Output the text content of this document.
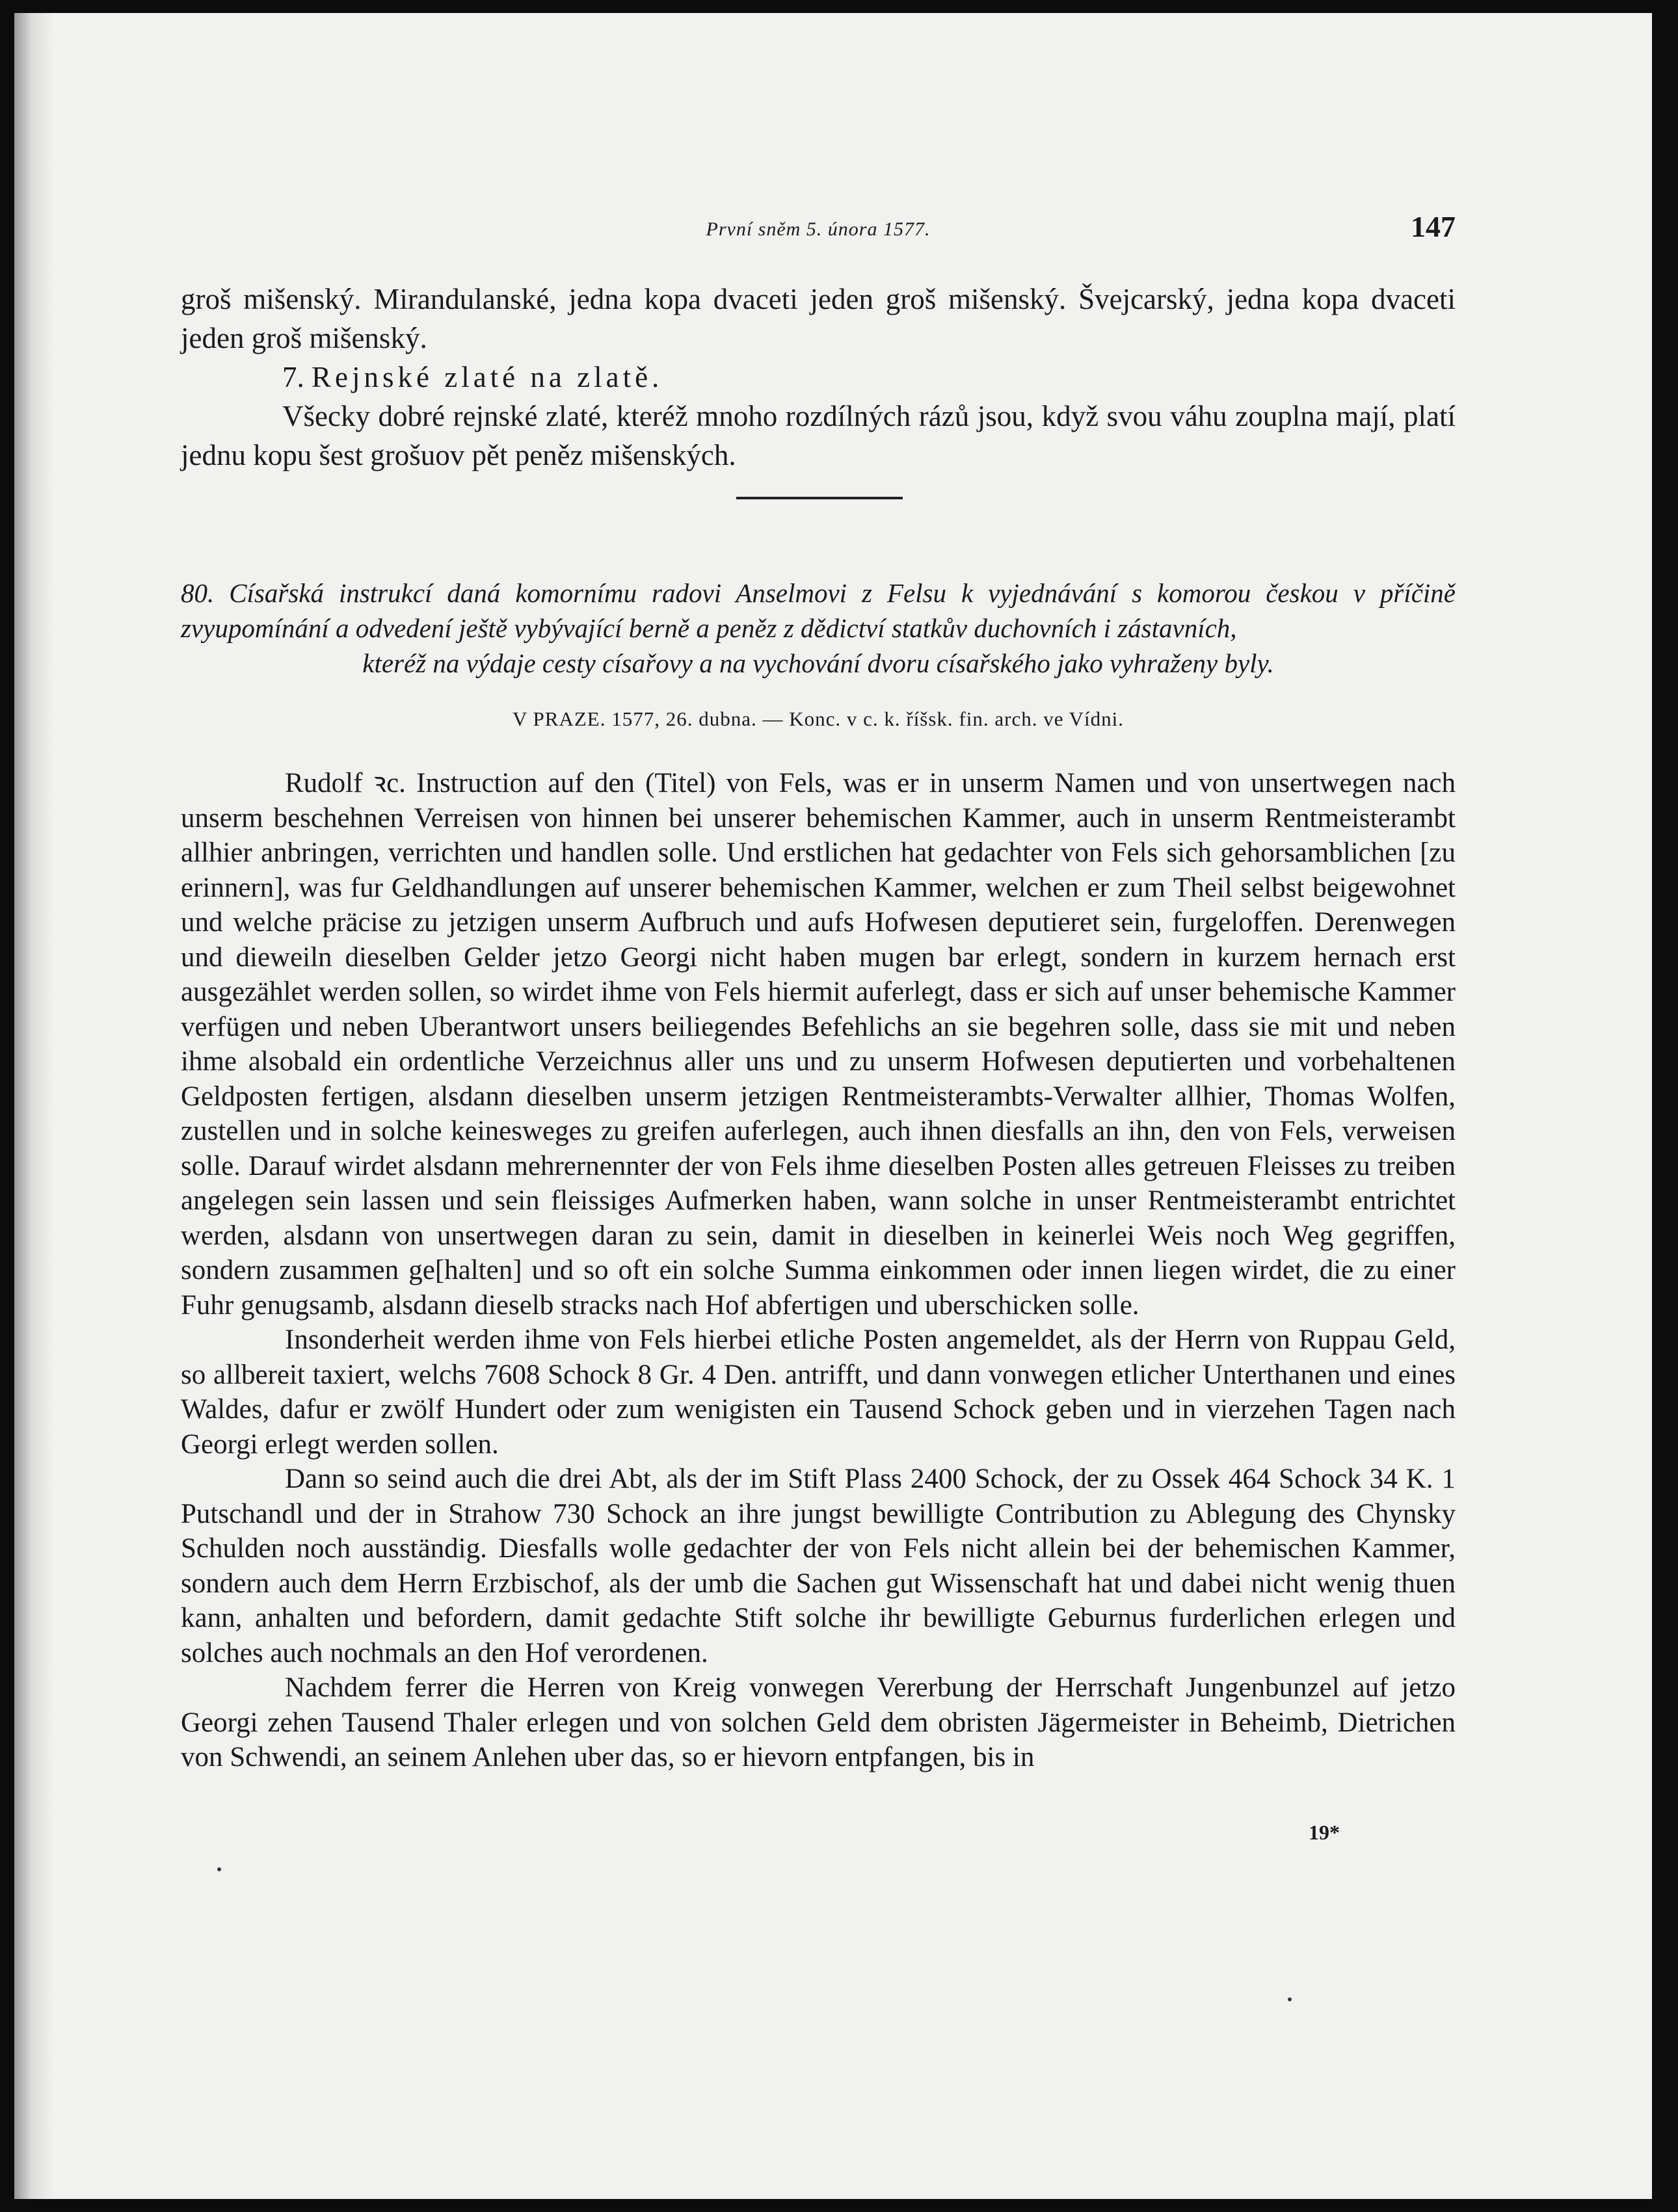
První sněm 5. února 1577.	147

groš mišenský. Mirandulanské, jedna kopa dvaceti jeden groš mišenský. Švejcarský, jedna kopa dvaceti jeden groš mišenský.

7. Rejnské zlaté na zlatě.

Všecky dobré rejnské zlaté, kteréž mnoho rozdílných rázů jsou, když svou váhu zouplna mají, platí jednu kopu šest grošuov pět peněz mišenských.

80. Císařská instrukcí daná komornímu radovi Anselmovi z Felsu k vyjednávání s komorou českou v příčině zvyupomínání a odvedení ještě vybývající berně a peněz z dědictví statkův duchovních i zástavních,

kteréž na výdaje cesty císařovy a na vychování dvoru císařského jako vyhraženy byly.

V PRAZE. 1577, 26. dubna. — Konc. v c. k. říšsk. fin. arch. ve Vídni.

Rudolf ꝛc. Instruction auf den (Titel) von Fels, was er in unserm Namen und von unsertwegen nach unserm beschehnen Verreisen von hinnen bei unserer behemischen Kammer, auch in unserm Rentmeisterambt allhier anbringen, verrichten und handlen solle. Und erstlichen hat gedachter von Fels sich gehorsamblichen [zu erinnern], was fur Geldhandlungen auf unserer behemischen Kammer, welchen er zum Theil selbst beigewohnet und welche präcise zu jetzigen unserm Aufbruch und aufs Hofwesen deputieret sein, furgeloffen. Derenwegen und dieweiln dieselben Gelder jetzo Georgi nicht haben mugen bar erlegt, sondern in kurzem hernach erst ausgezählet werden sollen, so wirdet ihme von Fels hiermit auferlegt, dass er sich auf unser behemische Kammer verfügen und neben Uberantwort unsers beiliegendes Befehlichs an sie begehren solle, dass sie mit und neben ihme alsobald ein ordentliche Verzeichnus aller uns und zu unserm Hofwesen deputierten und vorbehaltenen Geldposten fertigen, alsdann dieselben unserm jetzigen Rentmeisterambts-Verwalter allhier, Thomas Wolfen, zustellen und in solche keinesweges zu greifen auferlegen, auch ihnen diesfalls an ihn, den von Fels, verweisen solle. Darauf wirdet alsdann mehrernennter der von Fels ihme dieselben Posten alles getreuen Fleisses zu treiben angelegen sein lassen und sein fleissiges Aufmerken haben, wann solche in unser Rentmeisterambt entrichtet werden, alsdann von unsertwegen daran zu sein, damit in dieselben in keinerlei Weis noch Weg gegriffen, sondern zusammen ge[halten] und so oft ein solche Summa einkommen oder innen liegen wirdet, die zu einer Fuhr genugsamb, alsdann dieselb stracks nach Hof abfertigen und uberschicken solle.

Insonderheit werden ihme von Fels hierbei etliche Posten angemeldet, als der Herrn von Ruppau Geld, so allbereit taxiert, welchs 7608 Schock 8 Gr. 4 Den. antrifft, und dann vonwegen etlicher Unterthanen und eines Waldes, dafur er zwölf Hundert oder zum wenigisten ein Tausend Schock geben und in vierzehen Tagen nach Georgi erlegt werden sollen.

Dann so seind auch die drei Abt, als der im Stift Plass 2400 Schock, der zu Ossek 464 Schock 34 K. 1 Putschandl und der in Strahow 730 Schock an ihre jungst bewilligte Contribution zu Ablegung des Chynsky Schulden noch ausständig. Diesfalls wolle gedachter der von Fels nicht allein bei der behemischen Kammer, sondern auch dem Herrn Erzbischof, als der umb die Sachen gut Wissenschaft hat und dabei nicht wenig thuen kann, anhalten und befordern, damit gedachte Stift solche ihr bewilligte Geburnus furderlichen erlegen und solches auch nochmals an den Hof verordenen.

Nachdem ferrer die Herren von Kreig vonwegen Vererbung der Herrschaft Jungenbunzel auf jetzo Georgi zehen Tausend Thaler erlegen und von solchen Geld dem obristen Jägermeister in Beheimb, Dietrichen von Schwendi, an seinem Anlehen uber das, so er hievorn entpfangen, bis in

19*
